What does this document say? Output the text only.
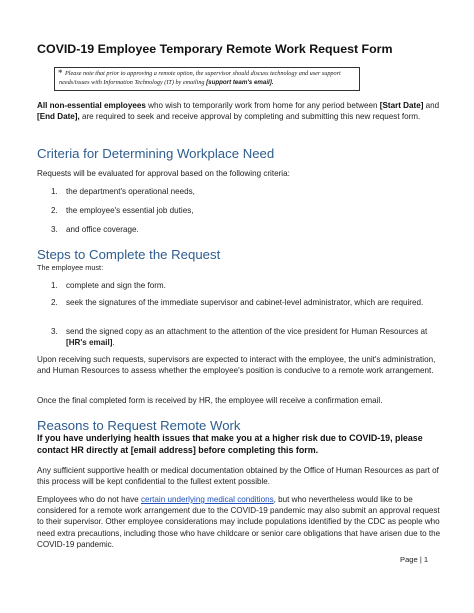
COVID-19 Employee Temporary Remote Work Request Form
* Please note that prior to approving a remote option, the supervisor should discuss technology and user support needs/issues with Information Technology (IT) by emailing [support team's email].
All non-essential employees who wish to temporarily work from home for any period between [Start Date] and [End Date], are required to seek and receive approval by completing and submitting this new request form.
Criteria for Determining Workplace Need
Requests will be evaluated for approval based on the following criteria:
1. the department's operational needs,
2. the employee's essential job duties,
3. and office coverage.
Steps to Complete the Request
The employee must:
1. complete and sign the form.
2. seek the signatures of the immediate supervisor and cabinet-level administrator, which are required.
3. send the signed copy as an attachment to the attention of the vice president for Human Resources at [HR's email].
Upon receiving such requests, supervisors are expected to interact with the employee, the unit's administration, and Human Resources to assess whether the employee's position is conducive to a remote work arrangement.
Once the final completed form is received by HR, the employee will receive a confirmation email.
Reasons to Request Remote Work
If you have underlying health issues that make you at a higher risk due to COVID-19, please contact HR directly at [email address] before completing this form.
Any sufficient supportive health or medical documentation obtained by the Office of Human Resources as part of this process will be kept confidential to the fullest extent possible.
Employees who do not have certain underlying medical conditions, but who nevertheless would like to be considered for a remote work arrangement due to the COVID-19 pandemic may also submit an approval request to their supervisor. Other employee considerations may include populations identified by the CDC as people who need extra precautions, including those who have childcare or senior care obligations that have arisen due to the COVID-19 pandemic.
Page | 1
